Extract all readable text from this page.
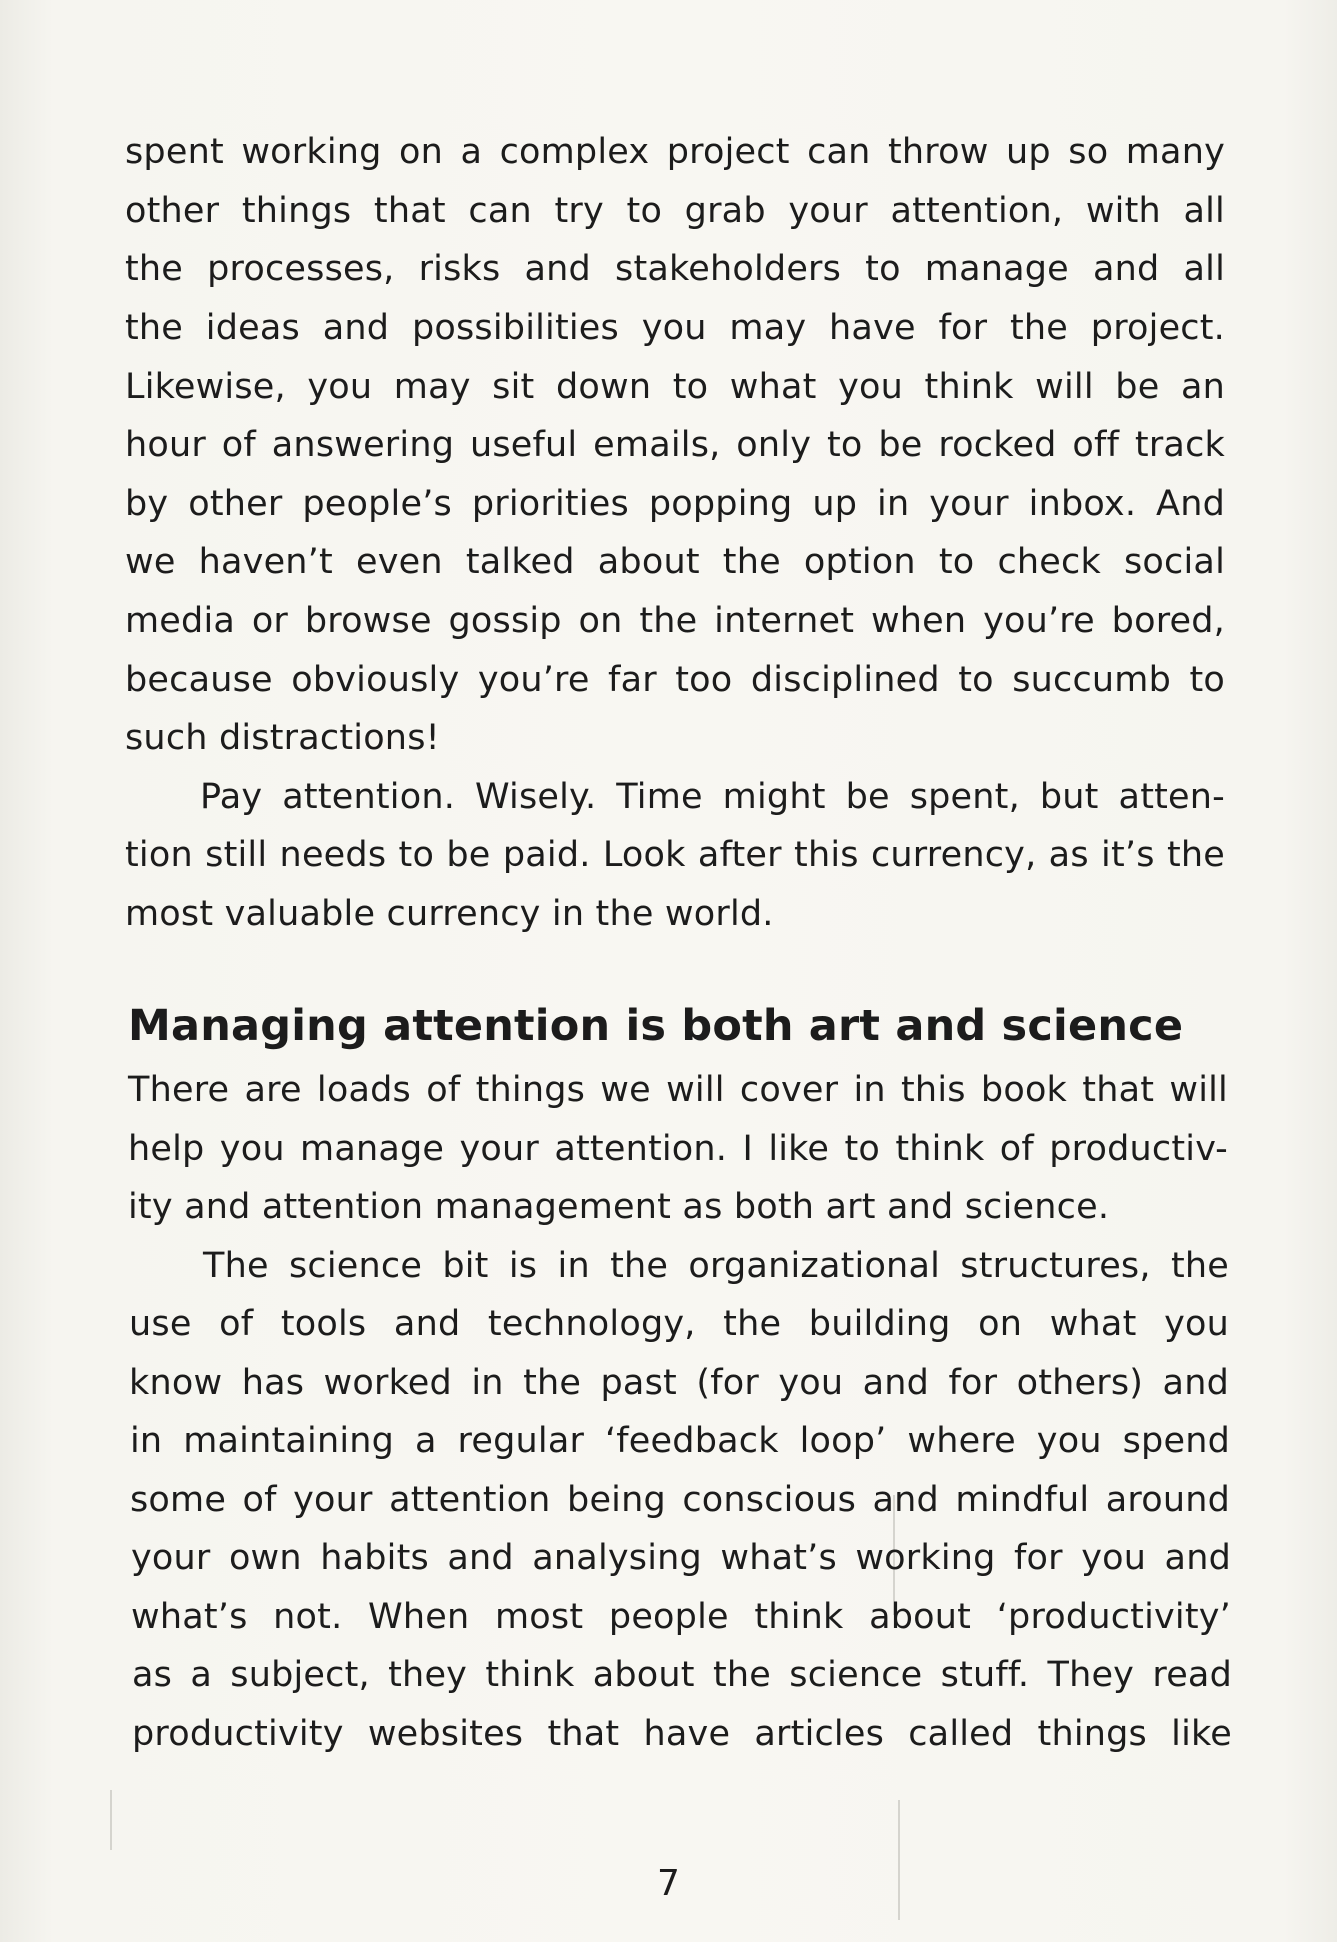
spent working on a complex project can throw up so many
other things that can try to grab your attention, with all
the processes, risks and stakeholders to manage and all
the ideas and possibilities you may have for the project.
Likewise, you may sit down to what you think will be an
hour of answering useful emails, only to be rocked off track
by other people’s priorities popping up in your inbox. And
we haven’t even talked about the option to check social
media or browse gossip on the internet when you’re bored,
because obviously you’re far too disciplined to succumb to
such distractions!
Pay attention. Wisely. Time might be spent, but atten-
tion still needs to be paid. Look after this currency, as it’s the
most valuable currency in the world.
Managing attention is both art and science
There are loads of things we will cover in this book that will
help you manage your attention. I like to think of productiv-
ity and attention management as both art and science.
The science bit is in the organizational structures, the
use of tools and technology, the building on what you
know has worked in the past (for you and for others) and
in maintaining a regular ‘feedback loop’ where you spend
some of your attention being conscious and mindful around
your own habits and analysing what’s working for you and
what’s not. When most people think about ‘productivity’
as a subject, they think about the science stuff. They read
productivity websites that have articles called things like
7
